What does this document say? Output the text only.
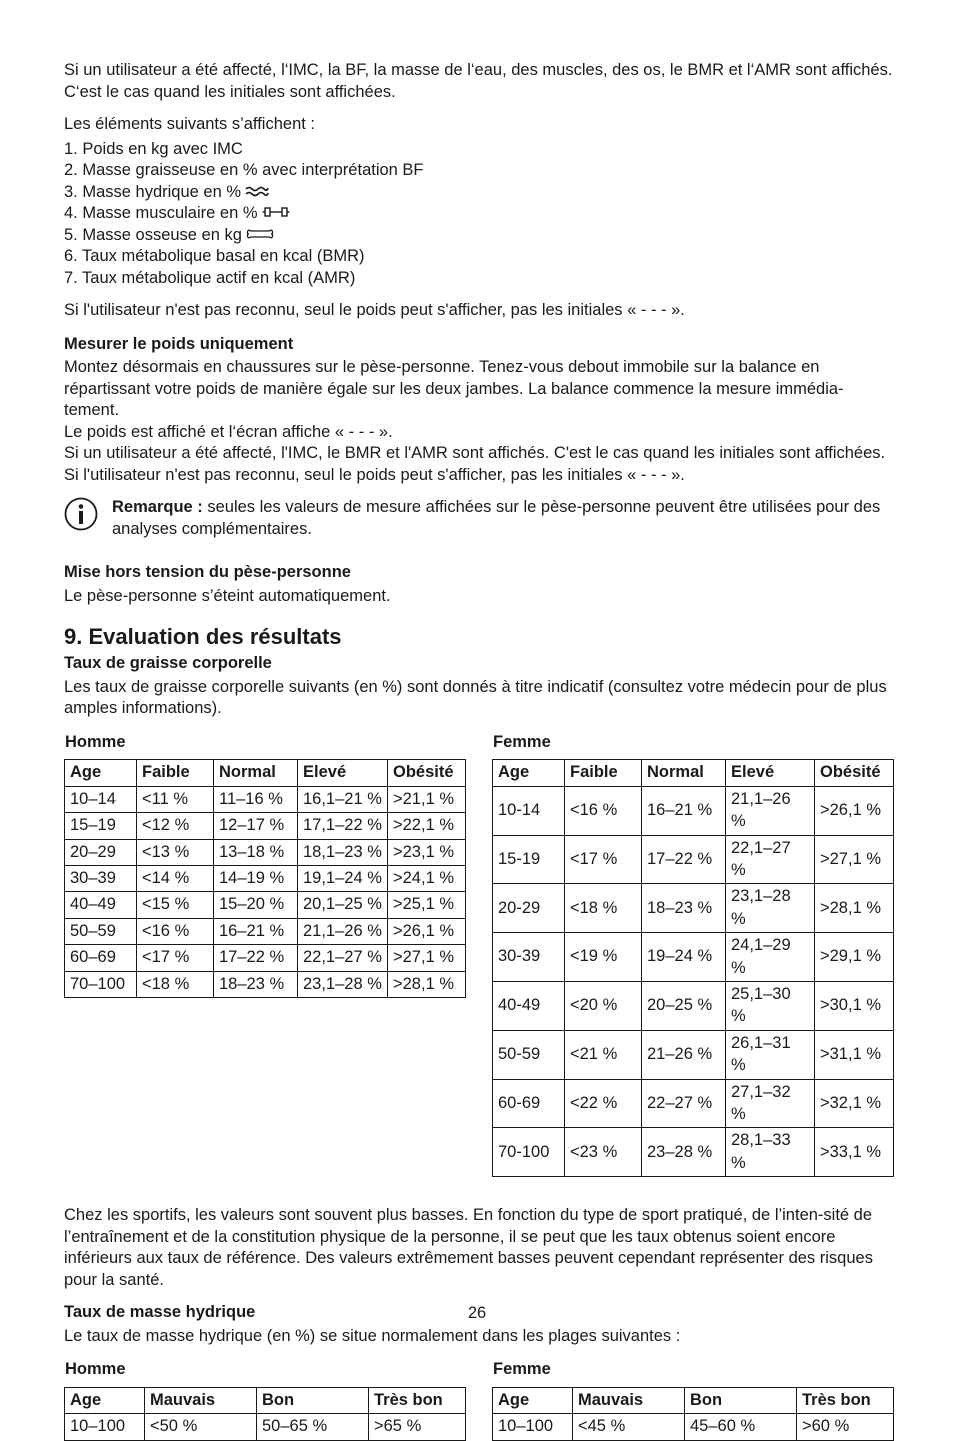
Si un utilisateur a été affecté, l‘IMC, la BF, la masse de l‘eau, des muscles, des os, le BMR et l‘AMR sont affichés. C‘est le cas quand les initiales sont affichées.

Les éléments suivants s’affichent :

1. Poids en kg avec IMC

2. Masse graisseuse en % avec interprétation BF

3. Masse hydrique en %

4. Masse musculaire en %

5. Masse osseuse en kg

6. Taux métabolique basal en kcal (BMR)

7. Taux métabolique actif en kcal (AMR)

Si l'utilisateur n'est pas reconnu, seul le poids peut s'afficher, pas les initiales « - - - ».

Mesurer le poids uniquement

Montez désormais en chaussures sur le pèse-personne. Tenez-vous debout immobile sur la balance en répartissant votre poids de manière égale sur les deux jambes. La balance commence la mesure immédia-tement.

Le poids est affiché et l‘écran affiche « - - - ».

Si un utilisateur a été affecté, l'IMC, le BMR et l'AMR sont affichés. C'est le cas quand les initiales sont affichées.

Si l'utilisateur n'est pas reconnu, seul le poids peut s'afficher, pas les initiales « - - - ».

Remarque : seules les valeurs de mesure affichées sur le pèse-personne peuvent être utilisées pour des analyses complémentaires.

Mise hors tension du pèse-personne

Le pèse-personne s’éteint automatiquement.

9. Evaluation des résultats

Taux de graisse corporelle

Les taux de graisse corporelle suivants (en %) sont donnés à titre indicatif (consultez votre médecin pour de plus amples informations).

Homme

Age	Faible	Normal	Elevé	Obésité
10–14	<11 %	11–16 %	16,1–21 %	>21,1 %
15–19	<12 %	12–17 %	17,1–22 %	>22,1 %
20–29	<13 %	13–18 %	18,1–23 %	>23,1 %
30–39	<14 %	14–19 %	19,1–24 %	>24,1 %
40–49	<15 %	15–20 %	20,1–25 %	>25,1 %
50–59	<16 %	16–21 %	21,1–26 %	>26,1 %
60–69	<17 %	17–22 %	22,1–27 %	>27,1 %
70–100	<18 %	18–23 %	23,1–28 %	>28,1 %

Femme

Age	Faible	Normal	Elevé	Obésité
10-14	<16 %	16–21 %	21,1–26 %	>26,1 %
15-19	<17 %	17–22 %	22,1–27 %	>27,1 %
20-29	<18 %	18–23 %	23,1–28 %	>28,1 %
30-39	<19 %	19–24 %	24,1–29 %	>29,1 %
40-49	<20 %	20–25 %	25,1–30 %	>30,1 %
50-59	<21 %	21–26 %	26,1–31 %	>31,1 %
60-69	<22 %	22–27 %	27,1–32 %	>32,1 %
70-100	<23 %	23–28 %	28,1–33 %	>33,1 %

Chez les sportifs, les valeurs sont souvent plus basses. En fonction du type de sport pratiqué, de l’inten-sité de l’entraînement et de la constitution physique de la personne, il se peut que les taux obtenus soient encore inférieurs aux taux de référence. Des valeurs extrêmement basses peuvent cependant représenter des risques pour la santé.

Taux de masse hydrique

Le taux de masse hydrique (en %) se situe normalement dans les plages suivantes :

Homme

Age	Mauvais	Bon	Très bon
10–100	<50 %	50–65 %	>65 %

Femme

Age	Mauvais	Bon	Très bon
10–100	<45 %	45–60 %	>60 %
26
